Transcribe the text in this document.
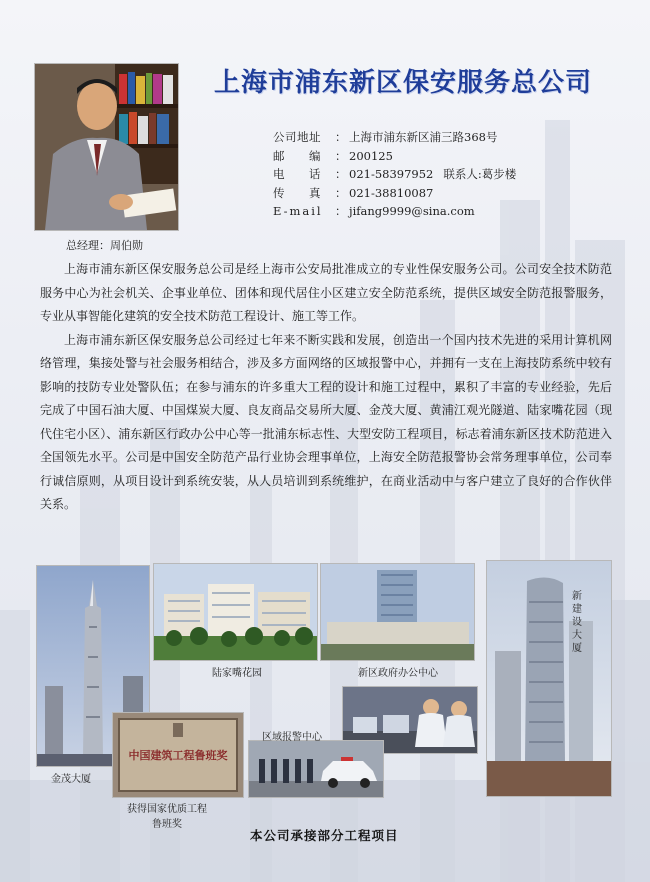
总经理：周伯勋
上海市浦东新区保安服务总公司
公司地址	： 上海市浦东新区浦三路368号
邮　　编	： 200125
电　　话	： 021-58397952 联系人:葛步楼
传　　真	： 021-38810087
E-mail	： jifang9999@sina.com

上海市浦东新区保安服务总公司是经上海市公安局批准成立的专业性保安服务公司。公司安全技术防范服务中心为社会机关、企事业单位、团体和现代居住小区建立安全防范系统，提供区域安全防范报警服务，专业从事智能化建筑的安全技术防范工程设计、施工等工作。

上海市浦东新区保安服务总公司经过七年来不断实践和发展，创造出一个国内技术先进的采用计算机网络管理，集接处警与社会服务相结合，涉及多方面网络的区域报警中心，并拥有一支在上海技防系统中较有影响的技防专业处警队伍；在参与浦东的许多重大工程的设计和施工过程中，累积了丰富的专业经验，先后完成了中国石油大厦、中国煤炭大厦、良友商品交易所大厦、金茂大厦、黄浦江观光隧道、陆家嘴花园（现代住宅小区）、浦东新区行政办公中心等一批浦东标志性、大型安防工程项目，标志着浦东新区技术防范进入全国领先水平。公司是中国安全防范产品行业协会理事单位，上海安全防范报警协会常务理事单位，公司奉行诚信原则，从项目设计到系统安装，从人员培训到系统维护，在商业活动中与客户建立了良好的合作伙伴关系。

金茂大厦
陆家嘴花园	新区政府办公中心
新建设大厦
中国建筑工程鲁班奖
获得国家优质工程
鲁班奖
区域报警中心
本公司承接部分工程项目
